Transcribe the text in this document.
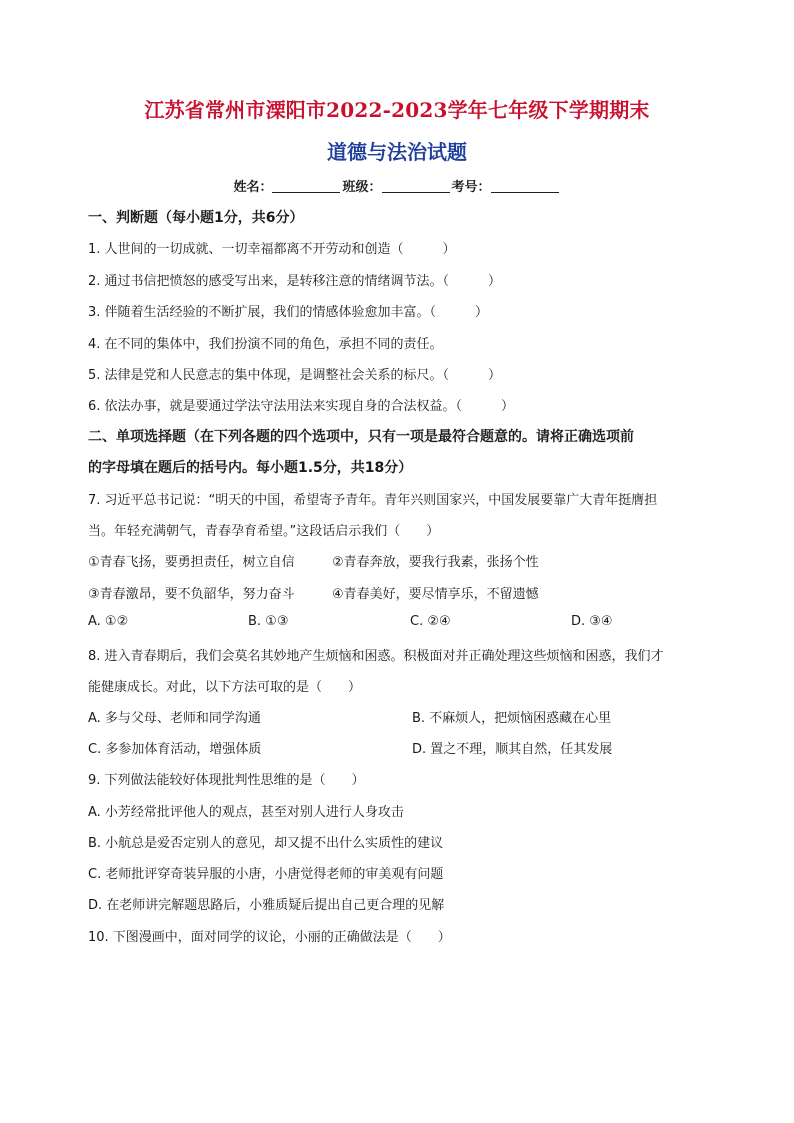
江苏省常州市溧阳市2022-2023学年七年级下学期期末
道德与法治试题
姓名：	班级：	考号：
一、判断题（每小题1分，共6分）
1. 人世间的一切成就、一切幸福都离不开劳动和创造（　　　）
2. 通过书信把愤怒的感受写出来，是转移注意的情绪调节法。（　　　）
3. 伴随着生活经验的不断扩展，我们的情感体验愈加丰富。（　　　）
4. 在不同的集体中，我们扮演不同的角色，承担不同的责任。
5. 法律是党和人民意志的集中体现，是调整社会关系的标尺。（　　　）
6. 依法办事，就是要通过学法守法用法来实现自身的合法权益。（　　　）
二、单项选择题（在下列各题的四个选项中，只有一项是最符合题意的。请将正确选项前
的字母填在题后的括号内。每小题1.5分，共18分）
7. 习近平总书记说：“明天的中国，希望寄予青年。青年兴则国家兴，中国发展要靠广大青年挺膺担
当。年轻充满朝气，青春孕育希望。”这段话启示我们（　　）
①青春飞扬，要勇担责任，树立自信	②青春奔放，要我行我素，张扬个性
③青春激昂，要不负韶华，努力奋斗	④青春美好，要尽情享乐，不留遗憾
A. ①②	B. ①③	C. ②④	D. ③④
8. 进入青春期后，我们会莫名其妙地产生烦恼和困惑。积极面对并正确处理这些烦恼和困惑，我们才
能健康成长。对此，以下方法可取的是（　　）
A. 多与父母、老师和同学沟通	B. 不麻烦人，把烦恼困惑藏在心里
C. 多参加体育活动，增强体质	D. 置之不理，顺其自然，任其发展
9. 下列做法能较好体现批判性思维的是（　　）
A. 小芳经常批评他人的观点，甚至对别人进行人身攻击
B. 小航总是爱否定别人的意见，却又提不出什么实质性的建议
C. 老师批评穿奇装异服的小唐，小唐觉得老师的审美观有问题
D. 在老师讲完解题思路后，小雅质疑后提出自己更合理的见解
10. 下图漫画中，面对同学的议论，小丽的正确做法是（　　）
